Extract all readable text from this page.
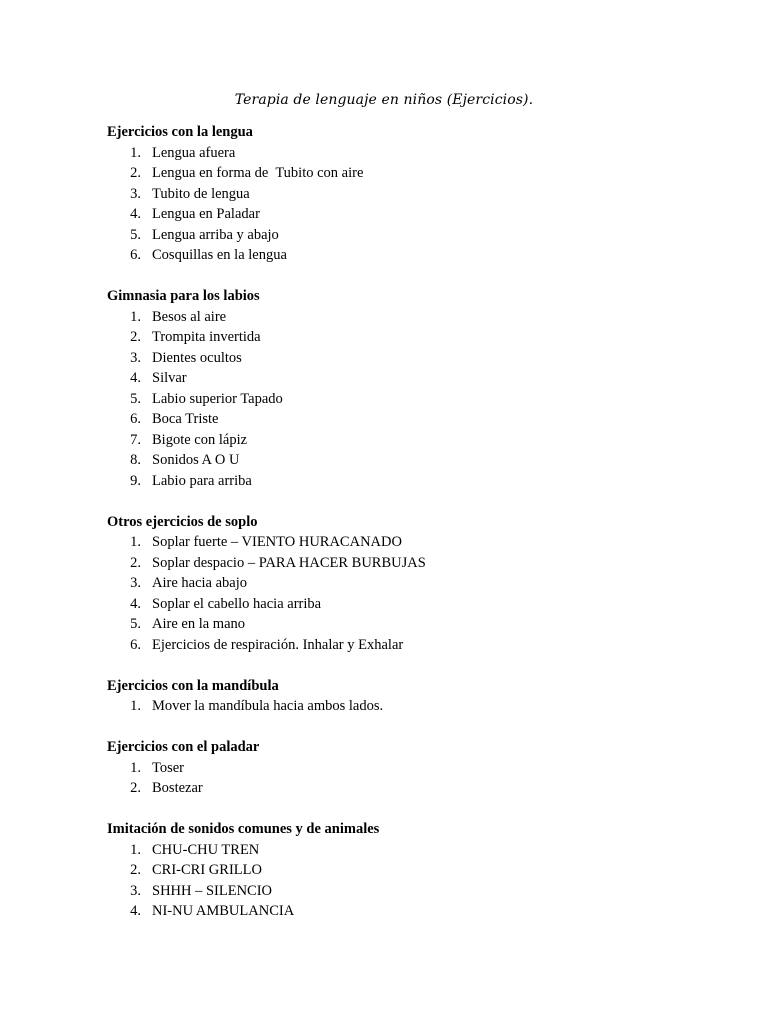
Terapia de lenguaje en niños (Ejercicios).

Ejercicios con la lengua

1. Lengua afuera
2. Lengua en forma de  Tubito con aire
3. Tubito de lengua
4. Lengua en Paladar
5. Lengua arriba y abajo
6. Cosquillas en la lengua

Gimnasia para los labios

1. Besos al aire
2. Trompita invertida
3. Dientes ocultos
4. Silvar
5. Labio superior Tapado
6. Boca Triste
7. Bigote con lápiz
8. Sonidos A O U
9. Labio para arriba

Otros ejercicios de soplo

1. Soplar fuerte – VIENTO HURACANADO
2. Soplar despacio – PARA HACER BURBUJAS
3. Aire hacia abajo
4. Soplar el cabello hacia arriba
5. Aire en la mano
6. Ejercicios de respiración. Inhalar y Exhalar

Ejercicios con la mandíbula

1. Mover la mandíbula hacia ambos lados.

Ejercicios con el paladar

1. Toser
2. Bostezar

Imitación de sonidos comunes y de animales

1. CHU-CHU TREN
2. CRI-CRI GRILLO
3. SHHH – SILENCIO
4. NI-NU AMBULANCIA
